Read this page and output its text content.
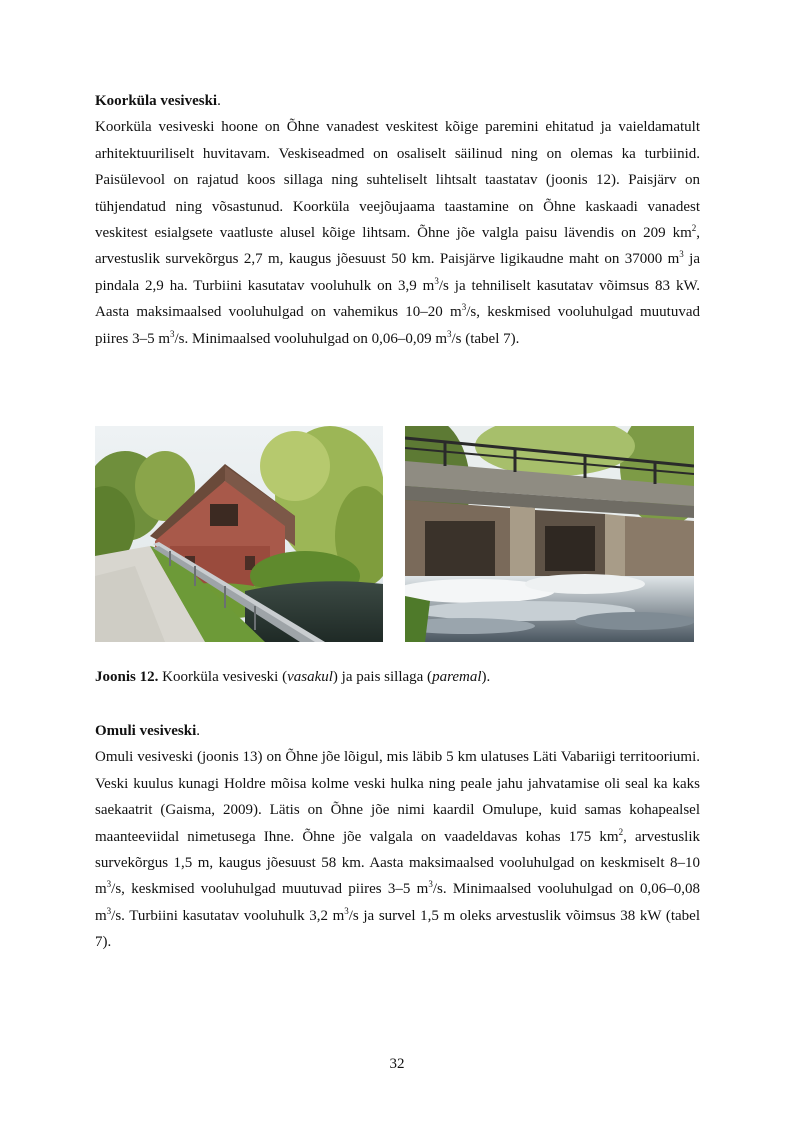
Koorküla vesiveski.

Koorküla vesiveski hoone on Õhne vanadest veskitest kõige paremini ehitatud ja vaieldamatult arhitektuuriliselt huvitavam. Veskiseadmed on osaliselt säilinud ning on olemas ka turbiinid. Paisülevool on rajatud koos sillaga ning suhteliselt lihtsalt taastatav (joonis 12). Paisjärv on tühjendatud ning võsastunud. Koorküla veejõujaama taastamine on Õhne kaskaadi vanadest veskitest esialgsete vaatluste alusel kõige lihtsam. Õhne jõe valgla paisu lävendis on 209 $km^2$, arvestuslik survekõrgus 2,7 m, kaugus jõesuust 50 km. Paisjärve ligikaudne maht on 37000 $m^3$ ja pindala 2,9 ha. Turbiini kasutatav vooluhulk on 3,9 $m^3/s$ ja tehniliselt kasutatav võimsus 83 kW. Aasta maksimaalsed vooluhulgad on vahemikus 10–20 $m^3/s$, keskmised vooluhulgad muutuvad piires 3–5 $m^3/s$. Minimaalsed vooluhulgad on 0,06–0,09 $m^3/s$ (tabel 7).

Joonis 12. Koorküla vesiveski (vasakul) ja pais sillaga (paremal).
Omuli vesiveski.

Omuli vesiveski (joonis 13) on Õhne jõe lõigul, mis läbib 5 km ulatuses Läti Vabariigi territooriumi. Veski kuulus kunagi Holdre mõisa kolme veski hulka ning peale jahu jahvatamise oli seal ka kaks saekaatrit (Gaisma, 2009). Lätis on Õhne jõe nimi kaardil Omulupe, kuid samas kohapealsel maanteeviidal nimetusega Ihne. Õhne jõe valgala on vaadeldavas kohas 175 $km^2$, arvestuslik survekõrgus 1,5 m, kaugus jõesuust 58 km. Aasta maksimaalsed vooluhulgad on keskmiselt 8–10 $m^3/s$, keskmised vooluhulgad muutuvad piires 3–5 $m^3/s$. Minimaalsed vooluhulgad on 0,06–0,08 $m^3/s$. Turbiini kasutatav vooluhulk 3,2 $m^3/s$ ja survel 1,5 m oleks arvestuslik võimsus 38 kW (tabel 7).

32
